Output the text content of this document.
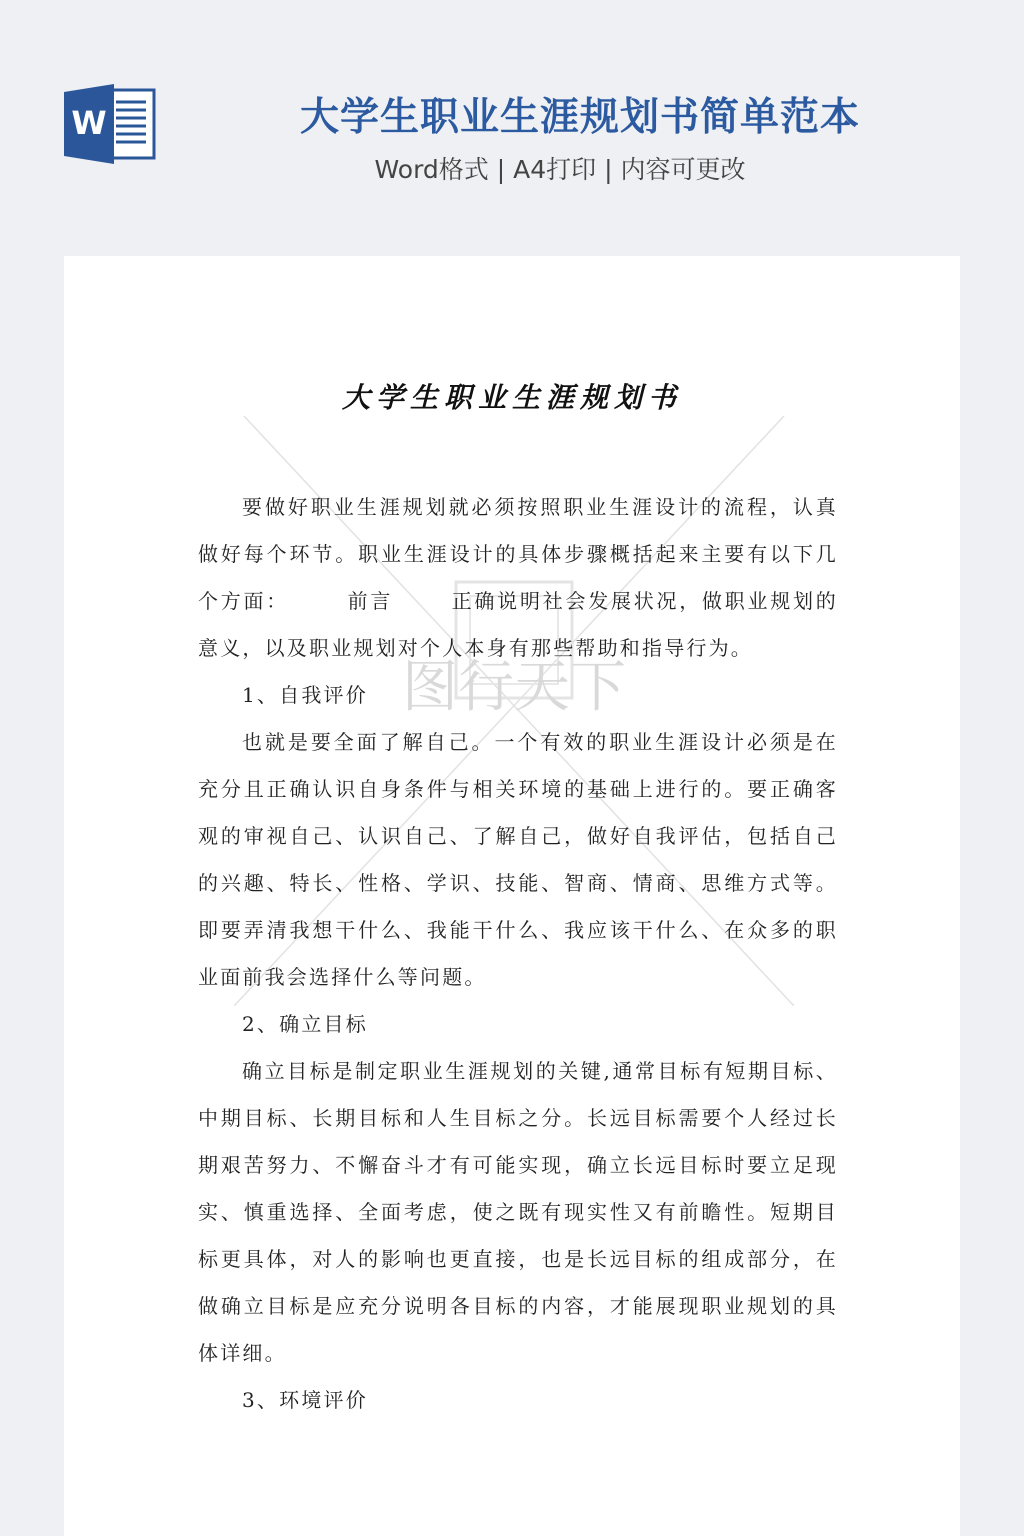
W	大学生职业生涯规划书简单范本
Word格式 | A4打印 | 内容可更改
图行天下
大学生职业生涯规划书

要做好职业生涯规划就必须按照职业生涯设计的流程，认真做好每个环节。职业生涯设计的具体步骤概括起来主要有以下几个方面：	前言	正确说明社会发展状况，做职业规划的意义，以及职业规划对个人本身有那些帮助和指导行为。

1、自我评价

也就是要全面了解自己。一个有效的职业生涯设计必须是在充分且正确认识自身条件与相关环境的基础上进行的。要正确客观的审视自己、认识自己、了解自己，做好自我评估，包括自己的兴趣、特长、性格、学识、技能、智商、情商、思维方式等。即要弄清我想干什么、我能干什么、我应该干什么、在众多的职业面前我会选择什么等问题。

2、确立目标

确立目标是制定职业生涯规划的关键,通常目标有短期目标、中期目标、长期目标和人生目标之分。长远目标需要个人经过长期艰苦努力、不懈奋斗才有可能实现，确立长远目标时要立足现实、慎重选择、全面考虑，使之既有现实性又有前瞻性。短期目标更具体，对人的影响也更直接，也是长远目标的组成部分，在做确立目标是应充分说明各目标的内容，才能展现职业规划的具体详细。

3、环境评价
